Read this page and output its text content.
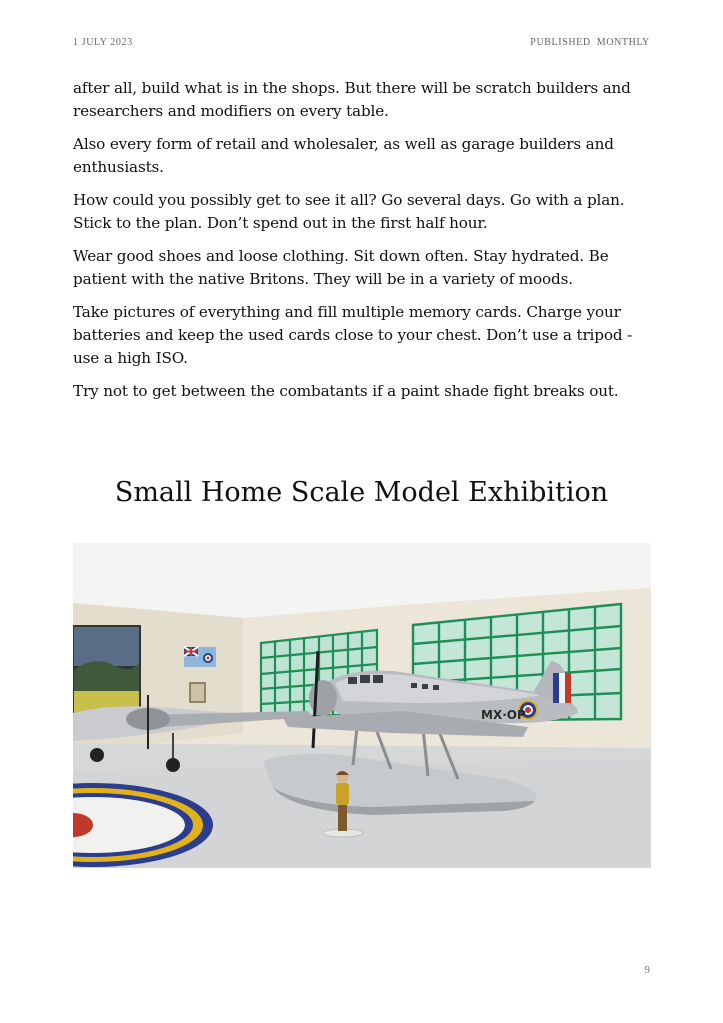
1 JULY 2023	PUBLISHED MONTHLY

after all, build what is in the shops. But there will be scratch builders and researchers and modifiers on every table.

Also every form of retail and wholesaler, as well as garage builders and enthusiasts.

How could you possibly get to see it all? Go several days. Go with a plan. Stick to the plan. Don’t spend out in the first half hour.

Wear good shoes and loose clothing. Sit down often. Stay hydrated. Be patient with the native Britons. They will be in a variety of moods.

Take pictures of everything and fill multiple memory cards. Charge your batteries and keep the used cards close to your chest. Don’t use a tripod - use a high ISO.

Try not to get between the combatants if a paint shade fight breaks out.

Small Home Scale Model Exhibition
MX·OP
9
